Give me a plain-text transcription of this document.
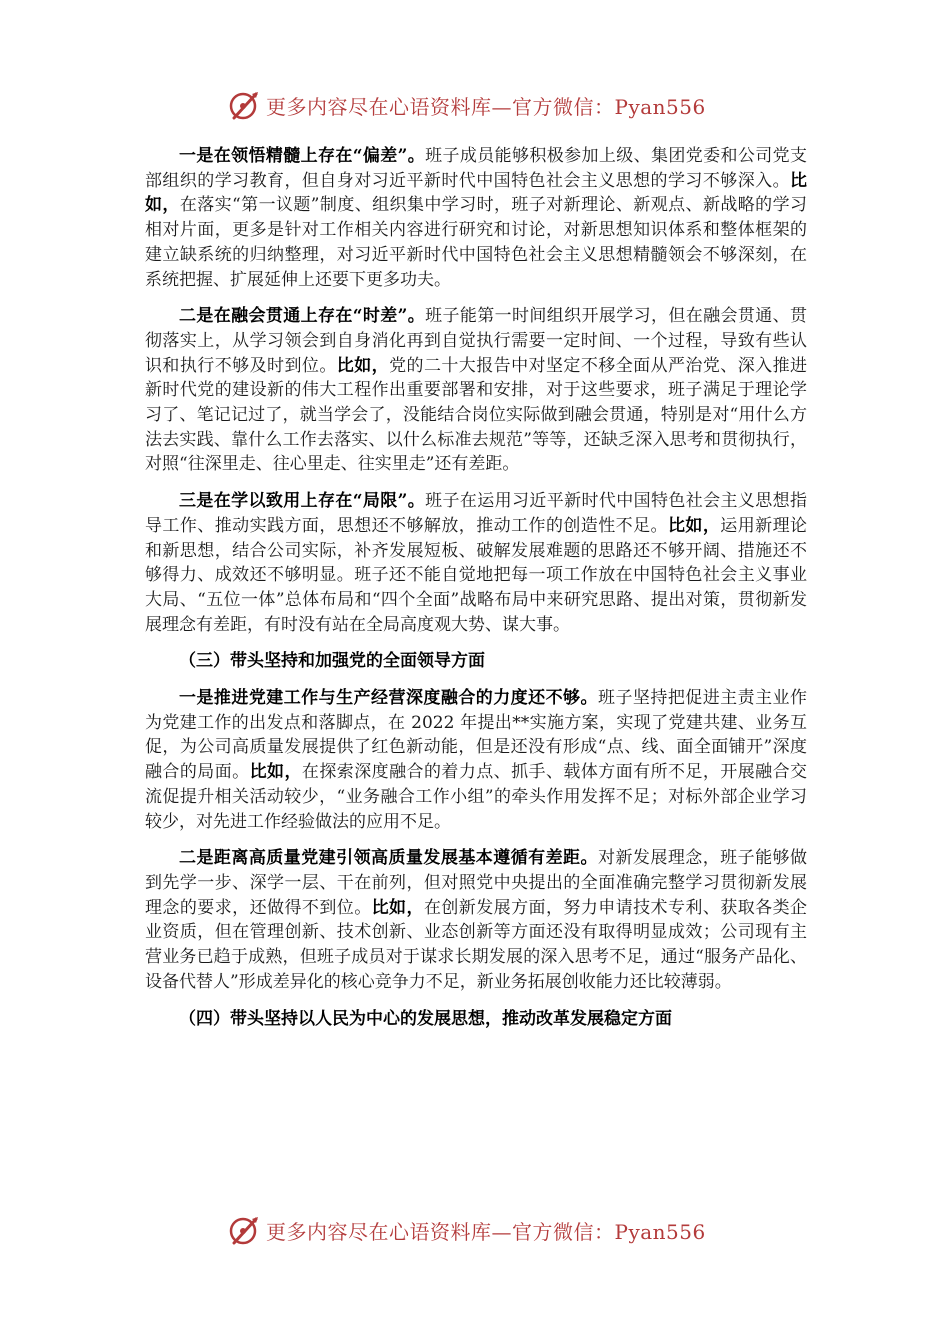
更多内容尽在心语资料库—官方微信：Pyan556

一是在领悟精髓上存在“偏差”。班子成员能够积极参加上级、集团党委和公司党支部组织的学习教育，但自身对习近平新时代中国特色社会主义思想的学习不够深入。比如，在落实“第一议题”制度、组织集中学习时，班子对新理论、新观点、新战略的学习相对片面，更多是针对工作相关内容进行研究和讨论，对新思想知识体系和整体框架的建立缺系统的归纳整理，对习近平新时代中国特色社会主义思想精髓领会不够深刻，在系统把握、扩展延伸上还要下更多功夫。

二是在融会贯通上存在“时差”。班子能第一时间组织开展学习，但在融会贯通、贯彻落实上，从学习领会到自身消化再到自觉执行需要一定时间、一个过程，导致有些认识和执行不够及时到位。比如，党的二十大报告中对坚定不移全面从严治党、深入推进新时代党的建设新的伟大工程作出重要部署和安排，对于这些要求，班子满足于理论学习了、笔记记过了，就当学会了，没能结合岗位实际做到融会贯通，特别是对“用什么方法去实践、靠什么工作去落实、以什么标准去规范”等等，还缺乏深入思考和贯彻执行，对照“往深里走、往心里走、往实里走”还有差距。

三是在学以致用上存在“局限”。班子在运用习近平新时代中国特色社会主义思想指导工作、推动实践方面，思想还不够解放，推动工作的创造性不足。比如，运用新理论和新思想，结合公司实际，补齐发展短板、破解发展难题的思路还不够开阔、措施还不够得力、成效还不够明显。班子还不能自觉地把每一项工作放在中国特色社会主义事业大局、“五位一体”总体布局和“四个全面”战略布局中来研究思路、提出对策，贯彻新发展理念有差距，有时没有站在全局高度观大势、谋大事。

（三）带头坚持和加强党的全面领导方面

一是推进党建工作与生产经营深度融合的力度还不够。班子坚持把促进主责主业作为党建工作的出发点和落脚点，在 2022 年提出**实施方案，实现了党建共建、业务互促，为公司高质量发展提供了红色新动能，但是还没有形成“点、线、面全面铺开”深度融合的局面。比如，在探索深度融合的着力点、抓手、载体方面有所不足，开展融合交流促提升相关活动较少，“业务融合工作小组”的牵头作用发挥不足；对标外部企业学习较少，对先进工作经验做法的应用不足。

二是距离高质量党建引领高质量发展基本遵循有差距。对新发展理念，班子能够做到先学一步、深学一层、干在前列，但对照党中央提出的全面准确完整学习贯彻新发展理念的要求，还做得不到位。比如，在创新发展方面，努力申请技术专利、获取各类企业资质，但在管理创新、技术创新、业态创新等方面还没有取得明显成效；公司现有主营业务已趋于成熟，但班子成员对于谋求长期发展的深入思考不足，通过“服务产品化、设备代替人”形成差异化的核心竞争力不足，新业务拓展创收能力还比较薄弱。

（四）带头坚持以人民为中心的发展思想，推动改革发展稳定方面
更多内容尽在心语资料库—官方微信：Pyan556
